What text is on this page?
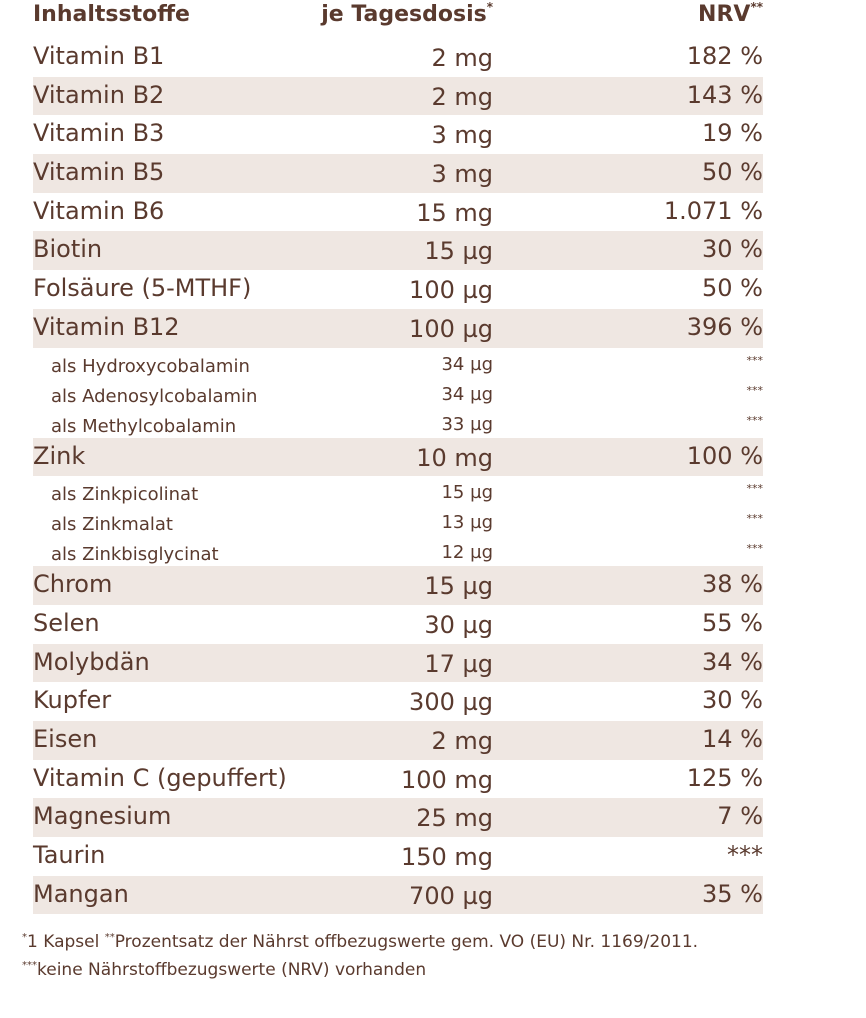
Inhaltsstoffe	je Tagesdosis*	NRV**
Vitamin B1	2 mg	182 %
Vitamin B2	2 mg	143 %
Vitamin B3	3 mg	19 %
Vitamin B5	3 mg	50 %
Vitamin B6	15 mg	1.071 %
Biotin	15 µg	30 %
Folsäure (5-MTHF)	100 µg	50 %
Vitamin B12	100 µg	396 %
als Hydroxycobalamin	34 µg	***
als Adenosylcobalamin	34 µg	***
als Methylcobalamin	33 µg	***
Zink	10 mg	100 %
als Zinkpicolinat	15 µg	***
als Zinkmalat	13 µg	***
als Zinkbisglycinat	12 µg	***
Chrom	15 µg	38 %
Selen	30 µg	55 %
Molybdän	17 µg	34 %
Kupfer	300 µg	30 %
Eisen	2 mg	14 %
Vitamin C (gepuffert)	100 mg	125 %
Magnesium	25 mg	7 %
Taurin	150 mg	***
Mangan	700 µg	35 %
*1 Kapsel **Prozentsatz der Nährst offbezugswerte gem. VO (EU) Nr. 1169/2011.
***keine Nährstoffbezugswerte (NRV) vorhanden
